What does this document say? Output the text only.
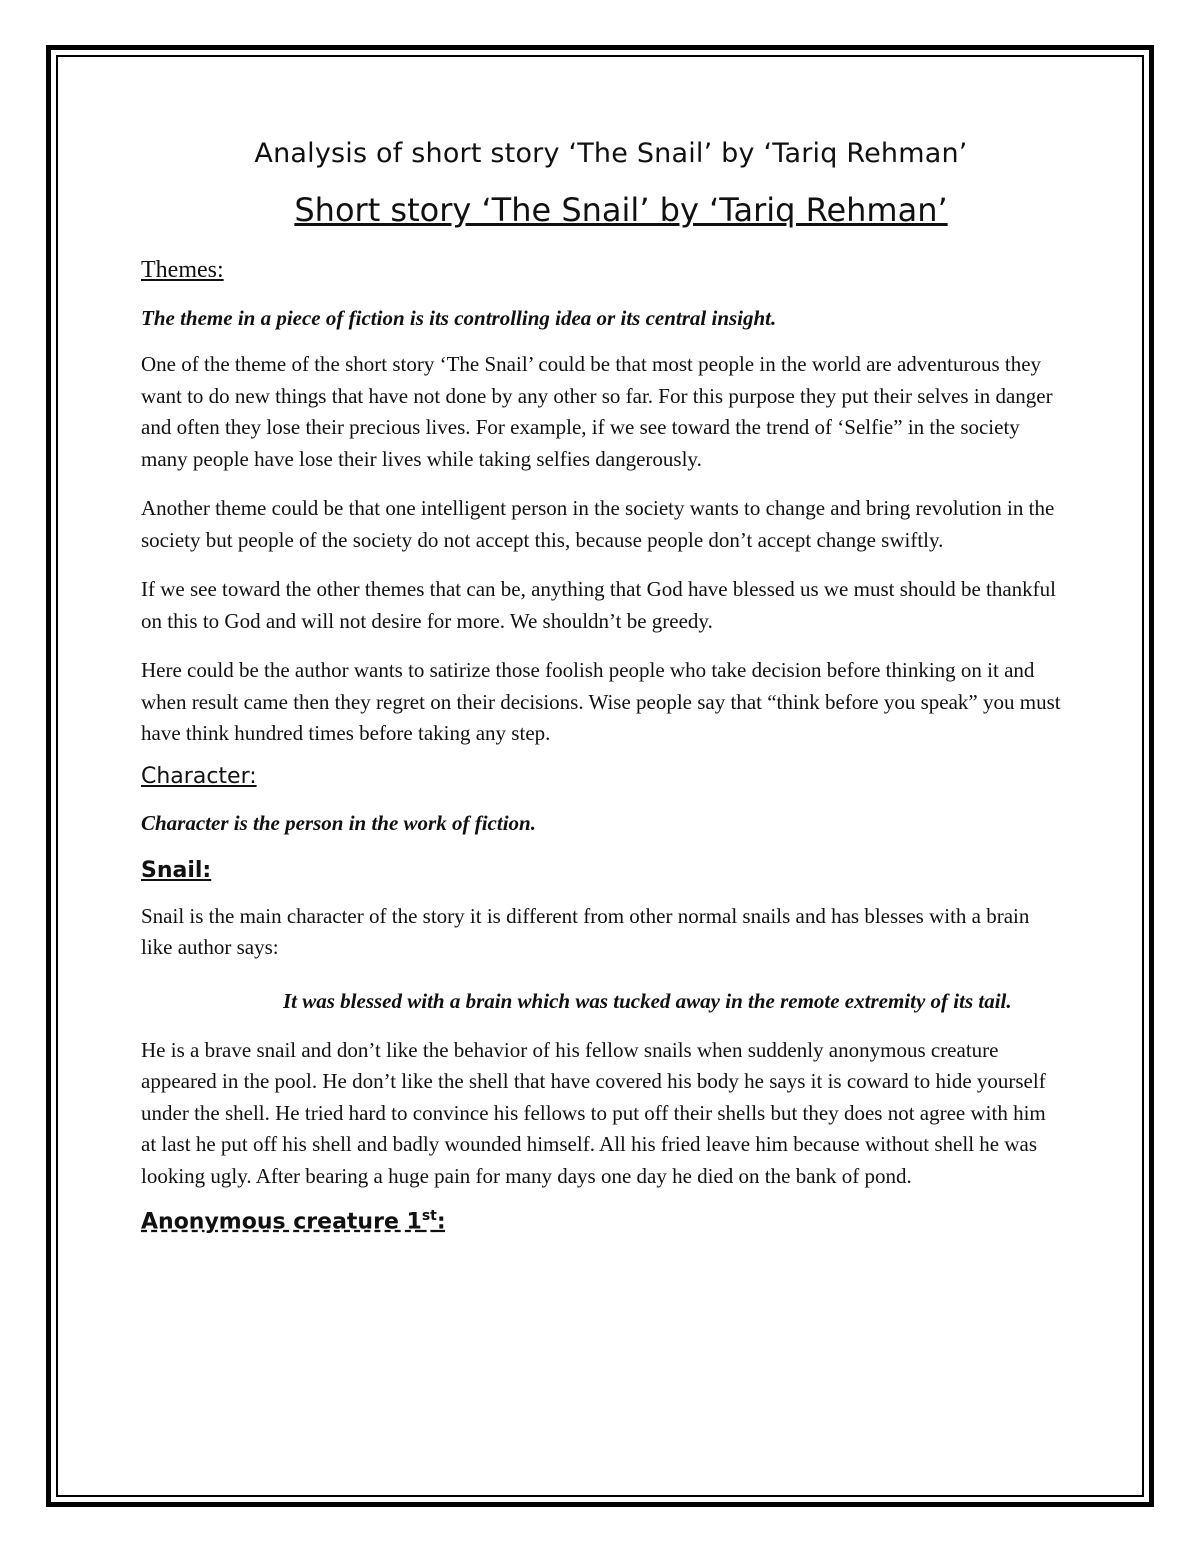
Analysis of short story ‘The Snail’ by ‘Tariq Rehman’
Short story ‘The Snail’ by ‘Tariq Rehman’
Themes:
The theme in a piece of fiction is its controlling idea or its central insight.

One of the theme of the short story ‘The Snail’ could be that most people in the world are adventurous they want to do new things that have not done by any other so far. For this purpose they put their selves in danger and often they lose their precious lives. For example, if we see toward the trend of ‘Selfie” in the society many people have lose their lives while taking selfies dangerously.

Another theme could be that one intelligent person in the society wants to change and bring revolution in the society but people of the society do not accept this, because people don’t accept change swiftly.

If we see toward the other themes that can be, anything that God have blessed us we must should be thankful on this to God and will not desire for more. We shouldn’t be greedy.

Here could be the author wants to satirize those foolish people who take decision before thinking on it and when result came then they regret on their decisions. Wise people say that “think before you speak” you must have think hundred times before taking any step.

Character:
Character is the person in the work of fiction.
Snail:

Snail is the main character of the story it is different from other normal snails and has blesses with a brain like author says:

It was blessed with a brain which was tucked away in the remote extremity of its tail.

He is a brave snail and don’t like the behavior of his fellow snails when suddenly anonymous creature appeared in the pool. He don’t like the shell that have covered his body he says it is coward to hide yourself under the shell. He tried hard to convince his fellows to put off their shells but they does not agree with him at last he put off his shell and badly wounded himself. All his fried leave him because without shell he was looking ugly. After bearing a huge pain for many days one day he died on the bank of pond.

Anonymous creature 1st:
